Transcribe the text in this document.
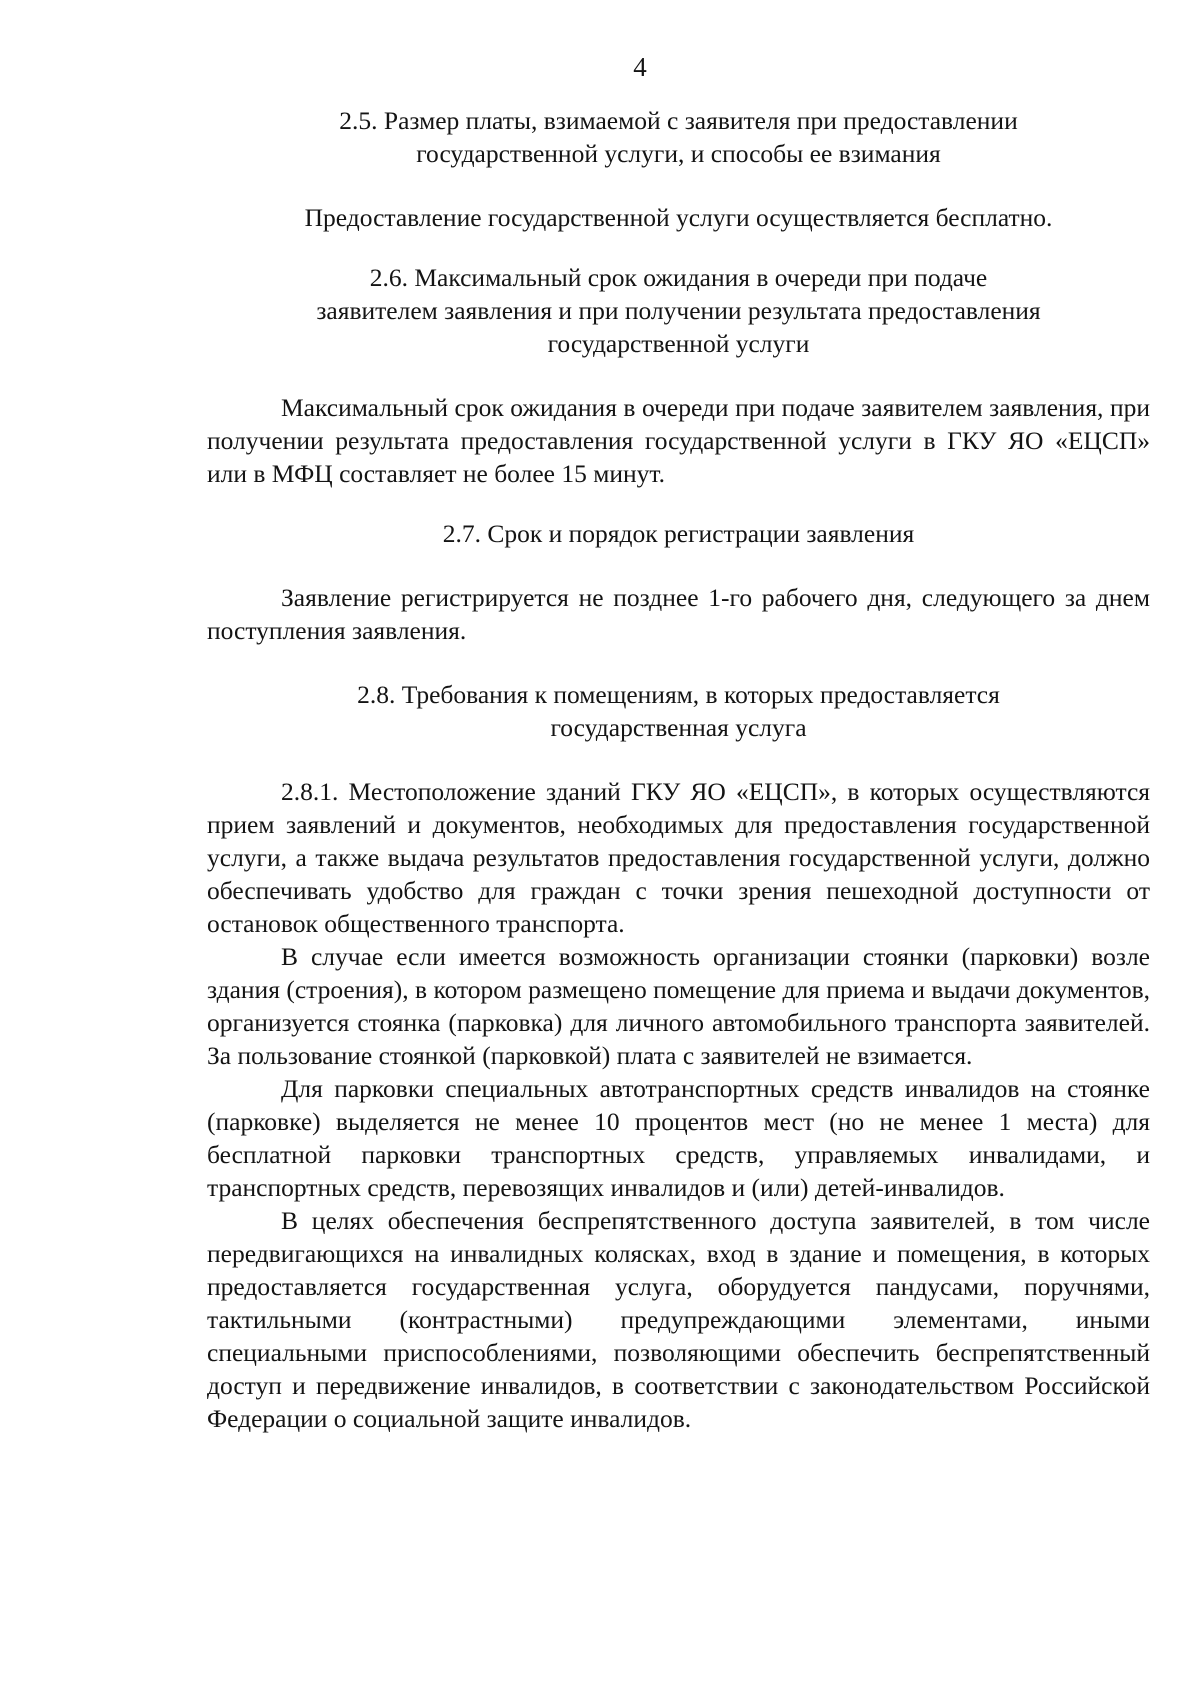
4
2.5. Размер платы, взимаемой с заявителя при предоставлении
государственной услуги, и способы ее взимания

Предоставление государственной услуги осуществляется бесплатно.

2.6. Максимальный срок ожидания в очереди при подаче
заявителем заявления и при получении результата предоставления
государственной услуги

Максимальный срок ожидания в очереди при подаче заявителем заявления, при получении результата предоставления государственной услуги в ГКУ ЯО «ЕЦСП» или в МФЦ составляет не более 15 минут.

2.7. Срок и порядок регистрации заявления

Заявление регистрируется не позднее 1-го рабочего дня, следующего за днем поступления заявления.

2.8. Требования к помещениям, в которых предоставляется
государственная услуга

2.8.1. Местоположение зданий ГКУ ЯО «ЕЦСП», в которых осуществляются прием заявлений и документов, необходимых для предоставления государственной услуги, а также выдача результатов предоставления государственной услуги, должно обеспечивать удобство для граждан с точки зрения пешеходной доступности от остановок общественного транспорта.

В случае если имеется возможность организации стоянки (парковки) возле здания (строения), в котором размещено помещение для приема и выдачи документов, организуется стоянка (парковка) для личного автомобильного транспорта заявителей. За пользование стоянкой (парковкой) плата с заявителей не взимается.

Для парковки специальных автотранспортных средств инвалидов на стоянке (парковке) выделяется не менее 10 процентов мест (но не менее 1 места) для бесплатной парковки транспортных средств, управляемых инвалидами, и транспортных средств, перевозящих инвалидов и (или) детей-инвалидов.

В целях обеспечения беспрепятственного доступа заявителей, в том числе передвигающихся на инвалидных колясках, вход в здание и помещения, в которых предоставляется государственная услуга, оборудуется пандусами, поручнями, тактильными (контрастными) предупреждающими элементами, иными специальными приспособлениями, позволяющими обеспечить беспрепятственный доступ и передвижение инвалидов, в соответствии с законодательством Российской Федерации о социальной защите инвалидов.
